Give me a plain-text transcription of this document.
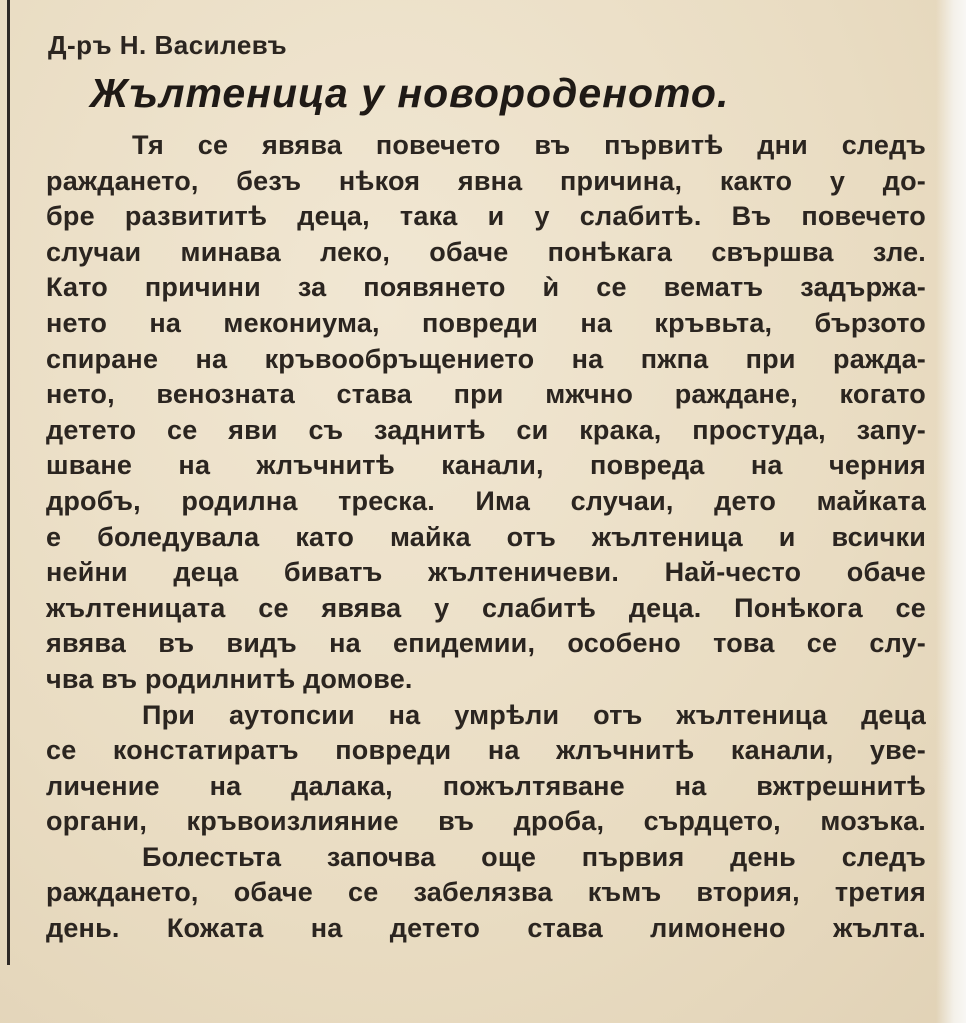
Д-ръ Н. Василевъ
Жълтеница у новороденото.
Тя се явява повечето въ първитѣ дни следъ
раждането, безъ нѣкоя явна причина, както у до-
бре развититѣ деца, така и у слабитѣ. Въ повечето
случаи минава леко, обаче понѣкага свършва зле.
Като причини за появянето ѝ се вематъ задържа-
нето на мекониума, повреди на кръвьта, бързото
спиране на кръвообръщението на пжпа при ражда-
нето, венозната става при мжчно раждане, когато
детето се яви съ заднитѣ си крака, простуда, запу-
шване на жлъчнитѣ канали, повреда на черния
дробъ, родилна треска. Има случаи, дето майката
е боледувала като майка отъ жълтеница и всички
нейни деца биватъ жълтеничеви. Най-често обаче
жълтеницата се явява у слабитѣ деца. Понѣкога се
явява въ видъ на епидемии, особено това се слу-
чва въ родилнитѣ домове.
При аутопсии на умрѣли отъ жълтеница деца
се констатиратъ повреди на жлъчнитѣ канали, уве-
личение на далака, пожълтяване на вжтрешнитѣ
органи, кръвоизлияние въ дроба, сърдцето, мозъка.
Болестьта започва още първия день следъ
раждането, обаче се забелязва къмъ втория, третия
день. Кожата на детето става лимонено жълта.
